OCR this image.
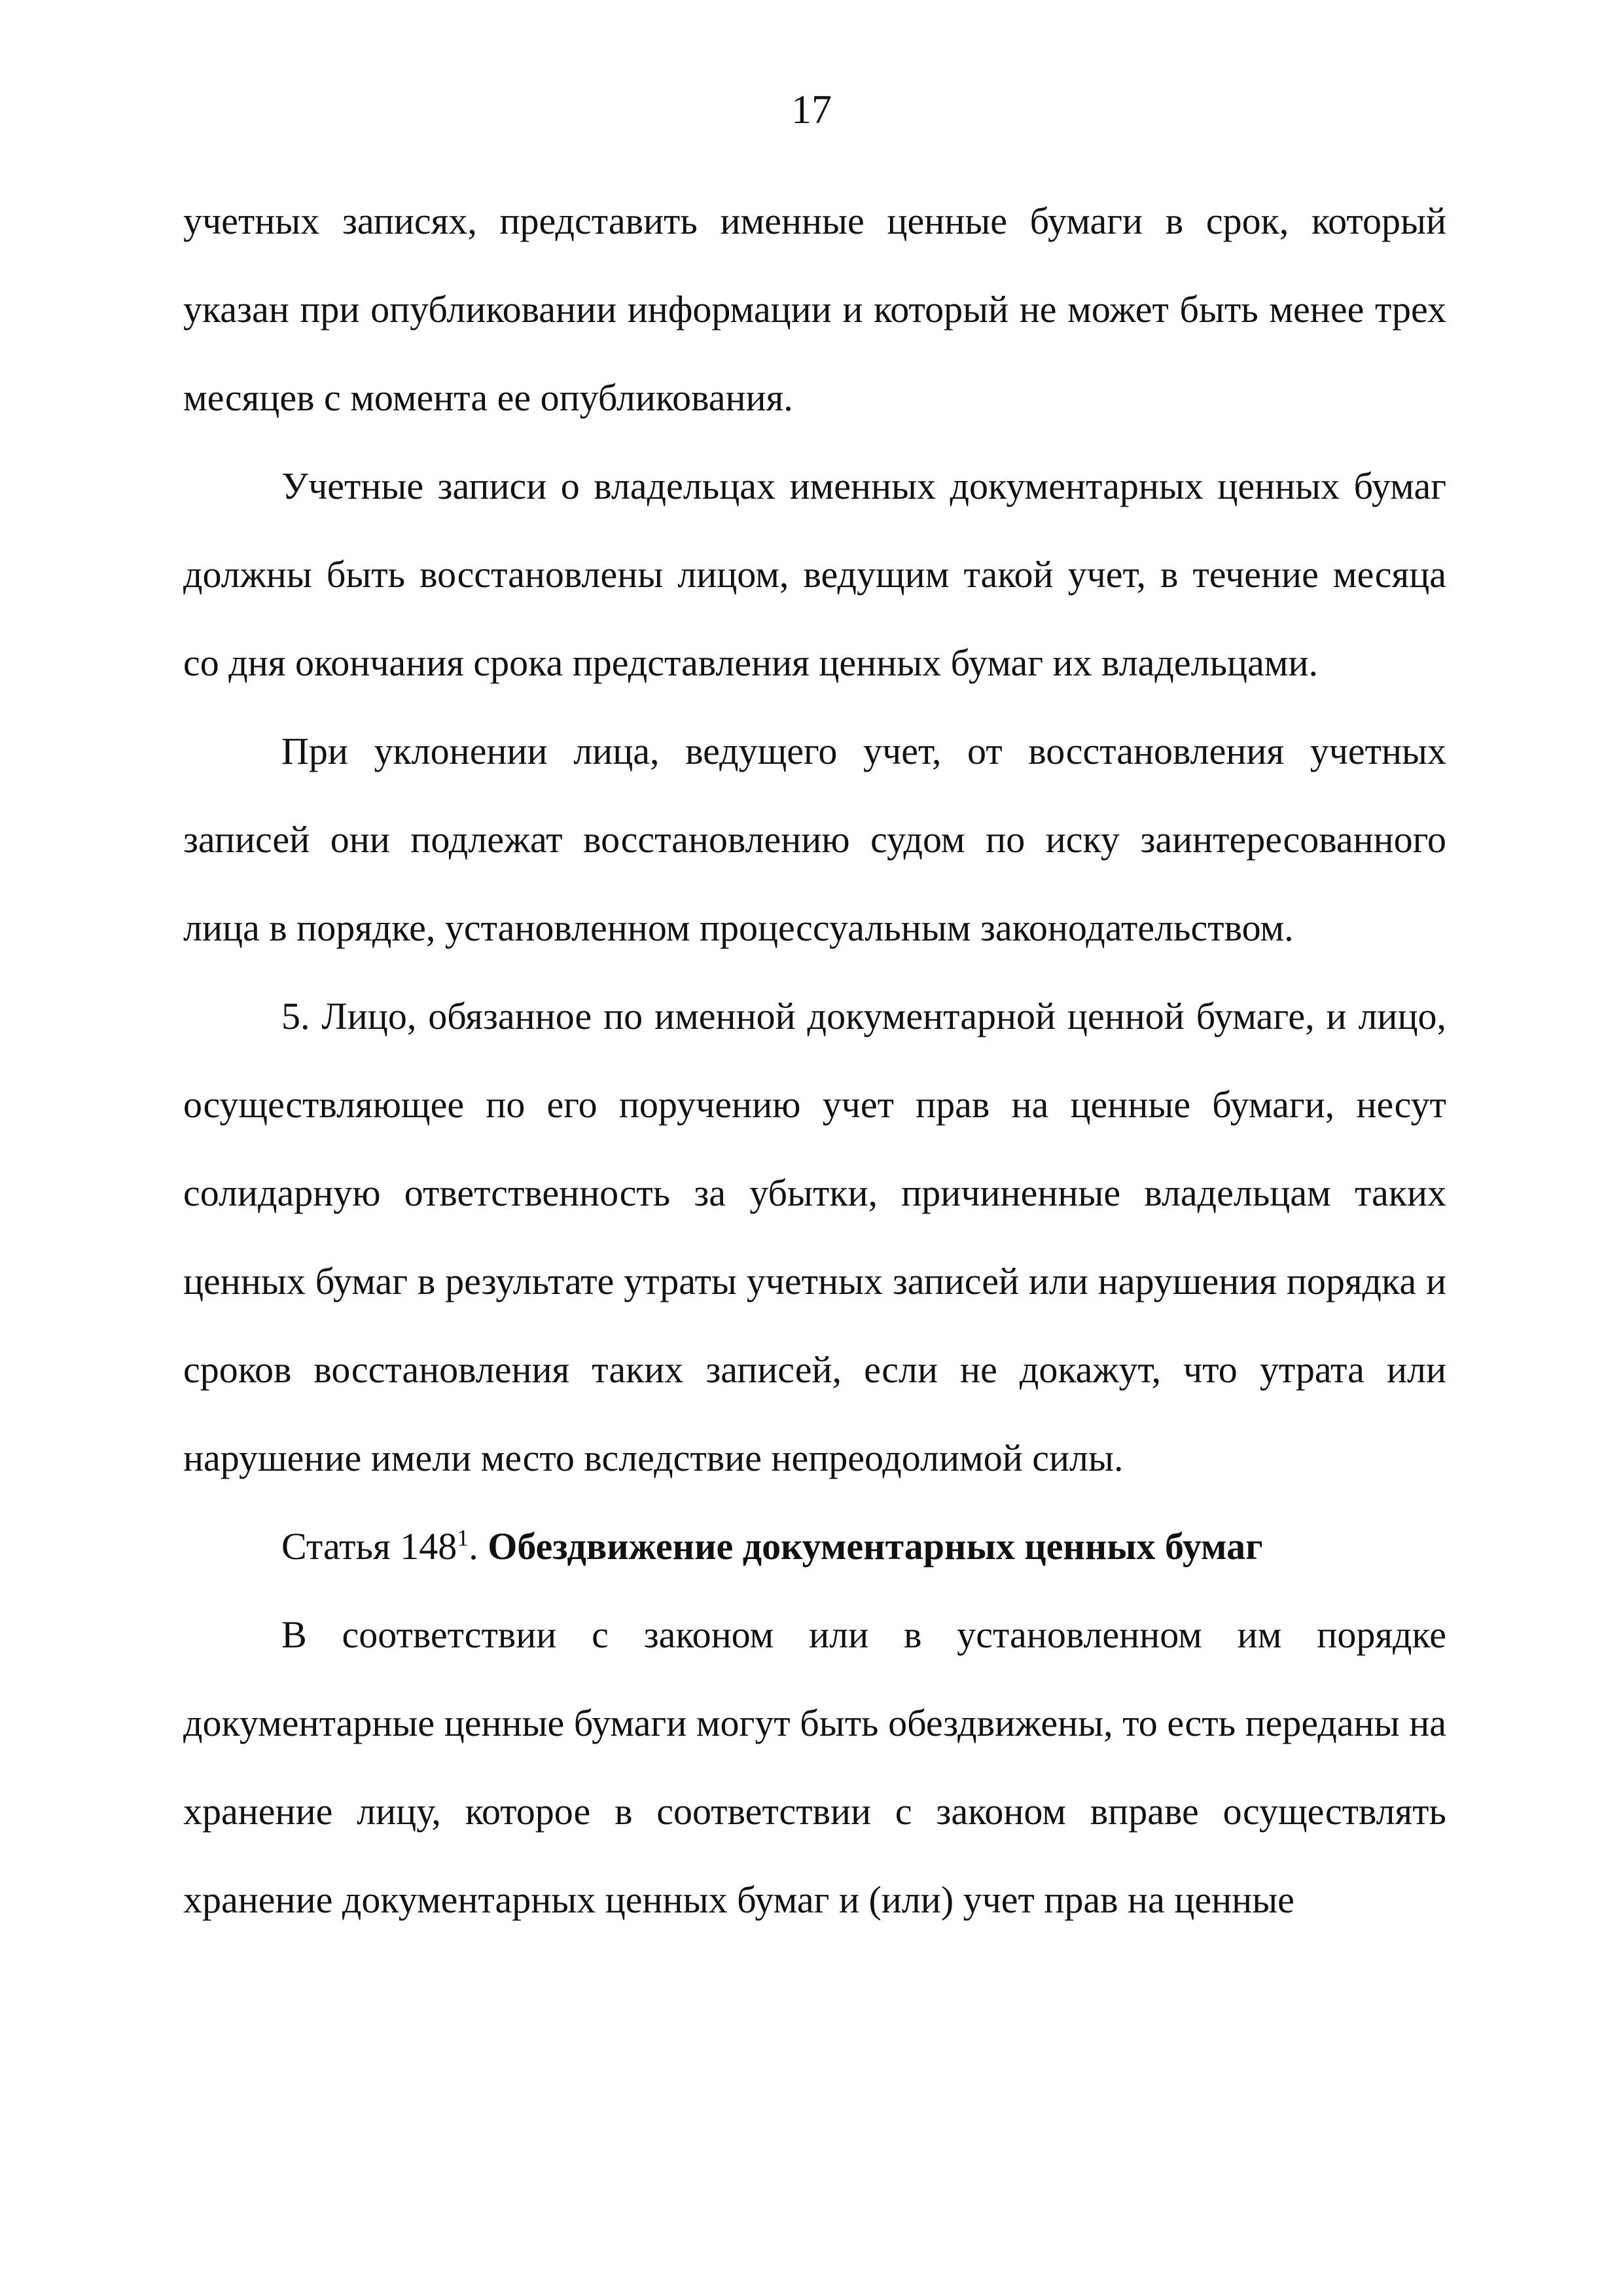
17

учетных записях, представить именные ценные бумаги в срок, который указан при опубликовании информации и который не может быть менее трех месяцев с момента ее опубликования.

Учетные записи о владельцах именных документарных ценных бумаг должны быть восстановлены лицом, ведущим такой учет, в течение месяца со дня окончания срока представления ценных бумаг их владельцами.

При уклонении лица, ведущего учет, от восстановления учетных записей они подлежат восстановлению судом по иску заинтересованного лица в порядке, установленном процессуальным законодательством.

5. Лицо, обязанное по именной документарной ценной бумаге, и лицо, осуществляющее по его поручению учет прав на ценные бумаги, несут солидарную ответственность за убытки, причиненные владельцам таких ценных бумаг в результате утраты учетных записей или нарушения порядка и сроков восстановления таких записей, если не докажут, что утрата или нарушение имели место вследствие непреодолимой силы.

Статья $148^1$. Обездвижение документарных ценных бумаг

В соответствии с законом или в установленном им порядке документарные ценные бумаги могут быть обездвижены, то есть переданы на хранение лицу, которое в соответствии с законом вправе осуществлять хранение документарных ценных бумаг и (или) учет прав на ценные
